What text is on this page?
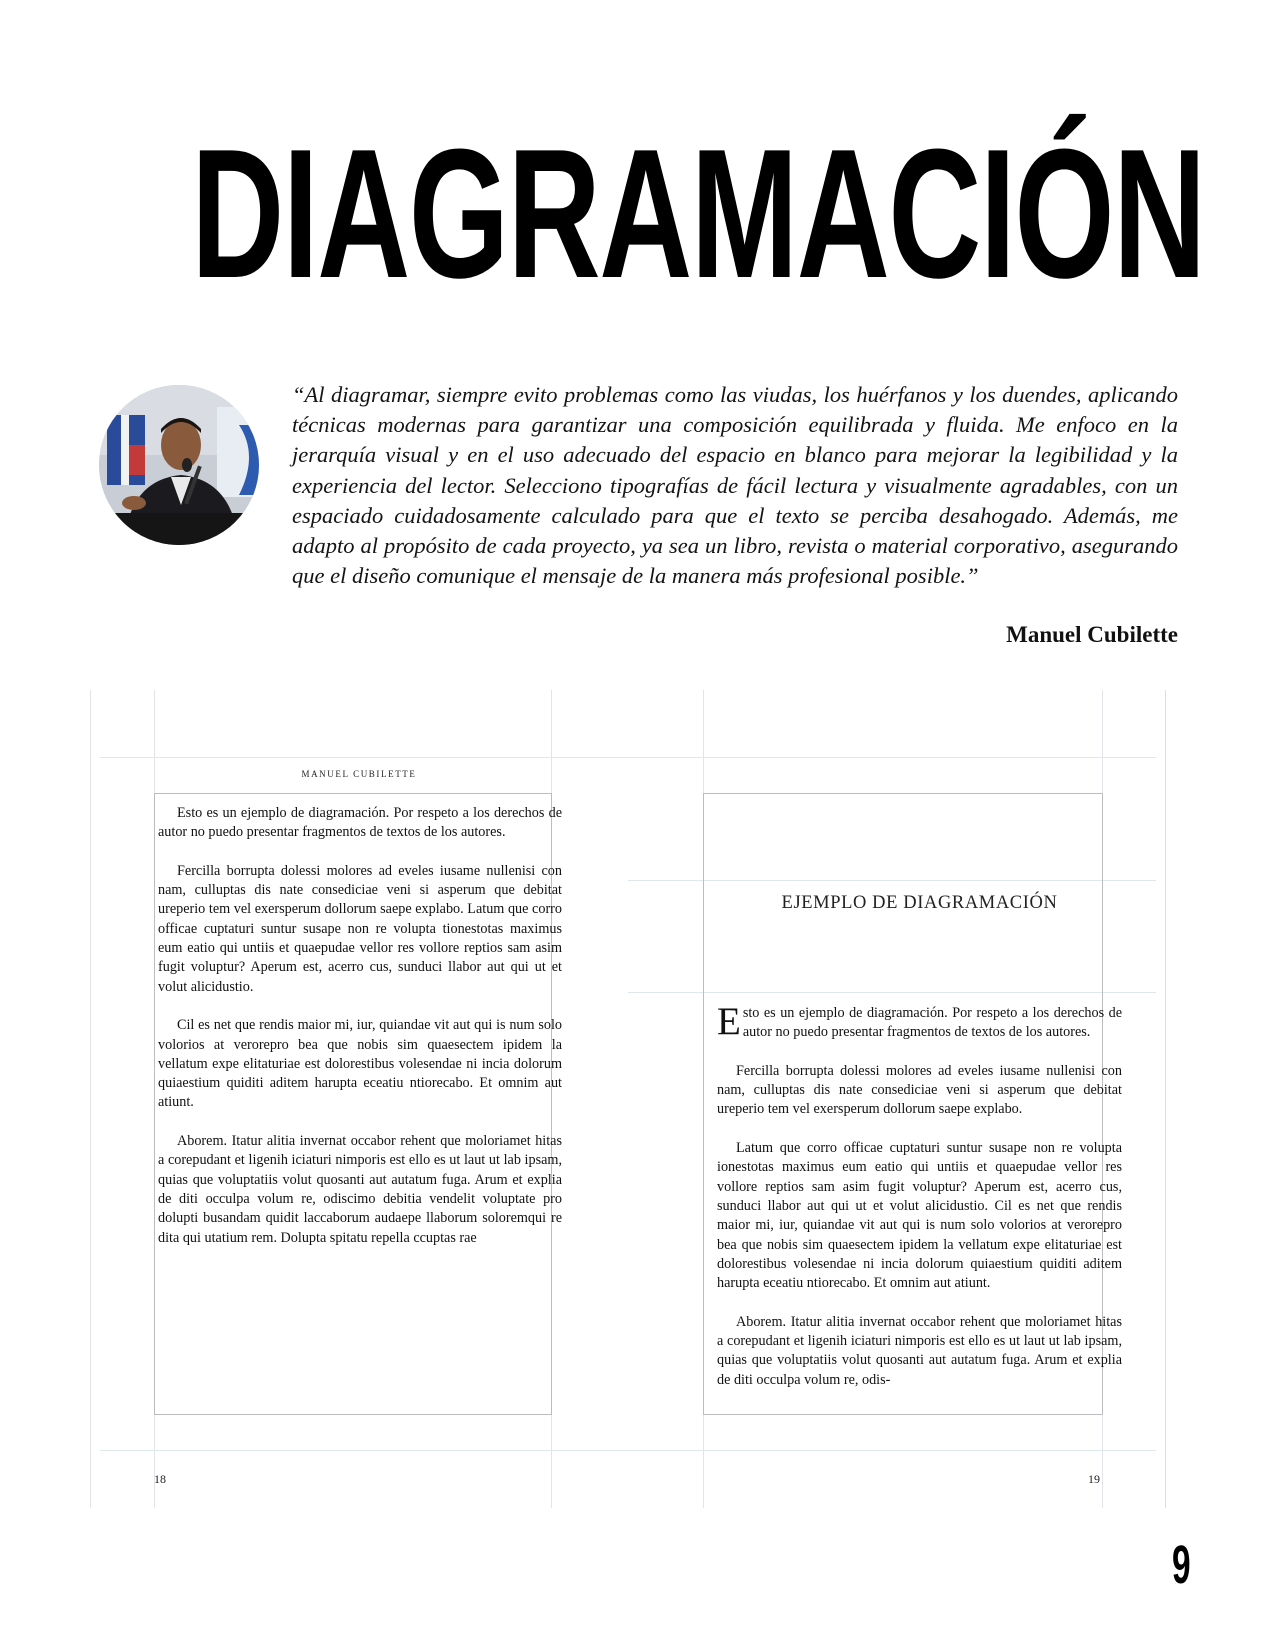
DIAGRAMACIÓN
“Al diagramar, siempre evito problemas como las viudas, los huérfanos y los duendes, aplicando técnicas modernas para garantizar una composición equilibrada y fluida. Me enfoco en la jerarquía visual y en el uso adecuado del espacio en blanco para mejorar la legibilidad y la experiencia del lector. Selecciono tipografías de fácil lectura y visualmente agradables, con un espaciado cuidadosamente calculado para que el texto se perciba desahogado. Además, me adapto al propósito de cada proyecto, ya sea un libro, revista o material corporativo, asegurando que el diseño comunique el mensaje de la manera más profesional posible.”
Manuel Cubilette
MANUEL CUBILETTE

Esto es un ejemplo de diagramación. Por respeto a los derechos de autor no puedo presentar fragmentos de textos de los autores.

Fercilla borrupta dolessi molores ad eveles iusame nullenisi con nam, culluptas dis nate consediciae veni si asperum que debitat ureperio tem vel exersperum dollorum saepe explabo. Latum que corro officae cuptaturi suntur susape non re volupta tionestotas maximus eum eatio qui untiis et quaepudae vellor res vollore reptios sam asim fugit voluptur? Aperum est, acerro cus, sunduci llabor aut qui ut et volut alicidustio.

Cil es net que rendis maior mi, iur, quiandae vit aut qui is num solo volorios at verorepro bea que nobis sim quaesectem ipidem la vellatum expe elitaturiae est dolorestibus volesendae ni incia dolorum quiaestium quiditi aditem harupta eceatiu ntiorecabo. Et omnim aut atiunt.

Aborem. Itatur alitia invernat occabor rehent que moloriamet hitas a corepudant et ligenih iciaturi nimporis est ello es ut laut ut lab ipsam, quias que voluptatiis volut quosanti aut autatum fuga. Arum et explia de diti occulpa volum re, odiscimo debitia vendelit voluptate pro dolupti busandam quidit laccaborum audaepe llaborum soloremqui re dita qui utatium rem. Dolupta spitatu repella ccuptas rae

18
EJEMPLO DE DIAGRAMACIÓN

Esto es un ejemplo de diagramación. Por respeto a los derechos de autor no puedo presentar fragmentos de textos de los autores.

Fercilla borrupta dolessi molores ad eveles iusame nullenisi con nam, culluptas dis nate consediciae veni si asperum que debitat ureperio tem vel exersperum dollorum saepe explabo.

Latum que corro officae cuptaturi suntur susape non re volupta ionestotas maximus eum eatio qui untiis et quaepudae vellor res vollore reptios sam asim fugit voluptur? Aperum est, acerro cus, sunduci llabor aut qui ut et volut alicidustio. Cil es net que rendis maior mi, iur, quiandae vit aut qui is num solo volorios at verorepro bea que nobis sim quaesectem ipidem la vellatum expe elitaturiae est dolorestibus volesendae ni incia dolorum quiaestium quiditi aditem harupta eceatiu ntiorecabo. Et omnim aut atiunt.

Aborem. Itatur alitia invernat occabor rehent que moloriamet hitas a corepudant et ligenih iciaturi nimporis est ello es ut laut ut lab ipsam, quias que voluptatiis volut quosanti aut autatum fuga. Arum et explia de diti occulpa volum re, odis-

19
9
